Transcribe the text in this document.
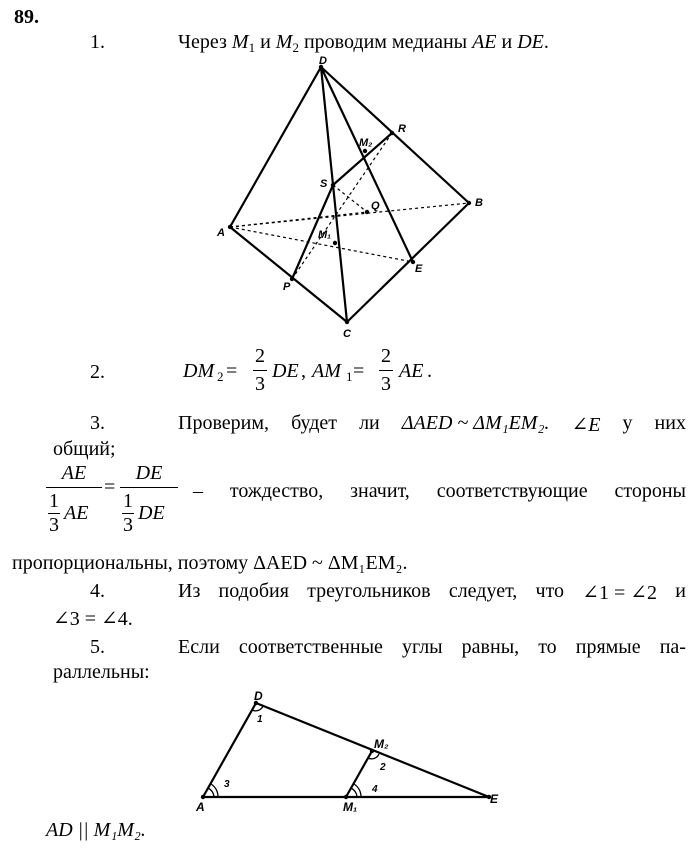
89.
1.	Через $M_1$ и $M_2$ проводим медианы AE и DE.
D
R
M₂
S
Q	B
A	M₁
E
P
C
2.	DM 2 =
2
3
DE , AM 1 =
2
3
AE .
3.	Проверим, будет ли ΔAED ~ ΔM₁EM₂. ∠E у них
общий;
AE
1
3
AE
=
DE
1
3
DE
– тождество, значит, соответствующие стороны
пропорциональны, поэтому ΔAED ~ ΔM₁EM₂.
4.	Из подобия треугольников следует, что ∠1 = ∠2 и
∠3 = ∠4.
5.	Если соответственные углы равны, то прямые па-
раллельны:
D
M₂
A	M₁
E
1
2
3	4
AD || M₁M₂.
